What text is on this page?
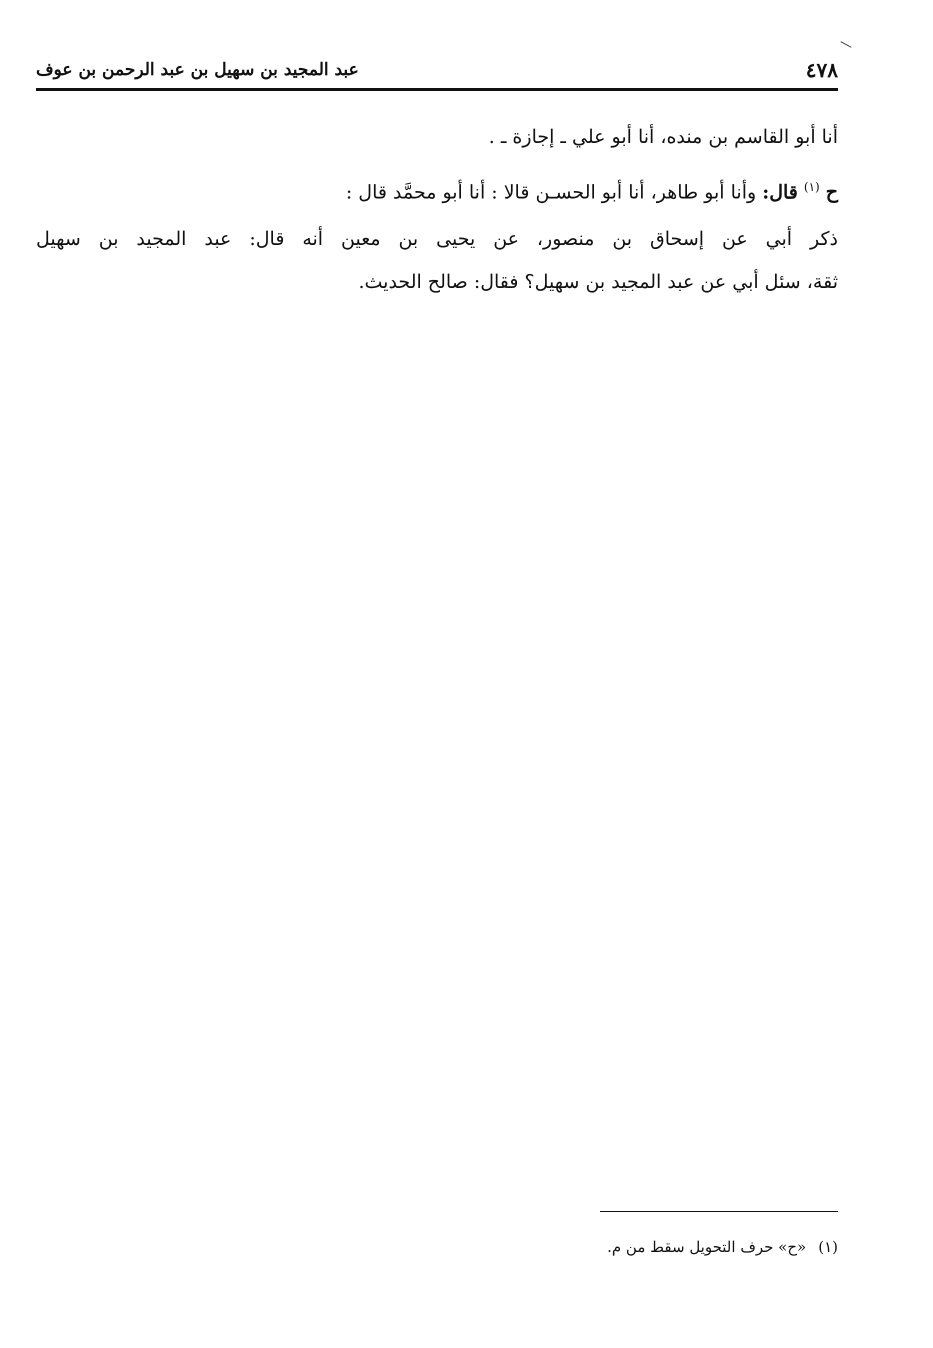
٤٧٨
عبد المجيد بن سهيل بن عبد الرحمن بن عوف
أنا أبو القاسم بن منده، أنا أبو علي ـ إجازة ـ .
ح$^{(١)}$قال: وأنا أبو طاهر، أنا أبو الحسـن قالا : أنا أبو محمَّد قال :
ذكر أبي عن إسحاق بن منصور، عن يحيى بن معين أنه قال: عبد المجيد بن سهيل
ثقة، سئل أبي عن عبد المجيد بن سهيل؟ فقال: صالح الحديث.
(١)«ح» حرف التحويل سقط من م.
